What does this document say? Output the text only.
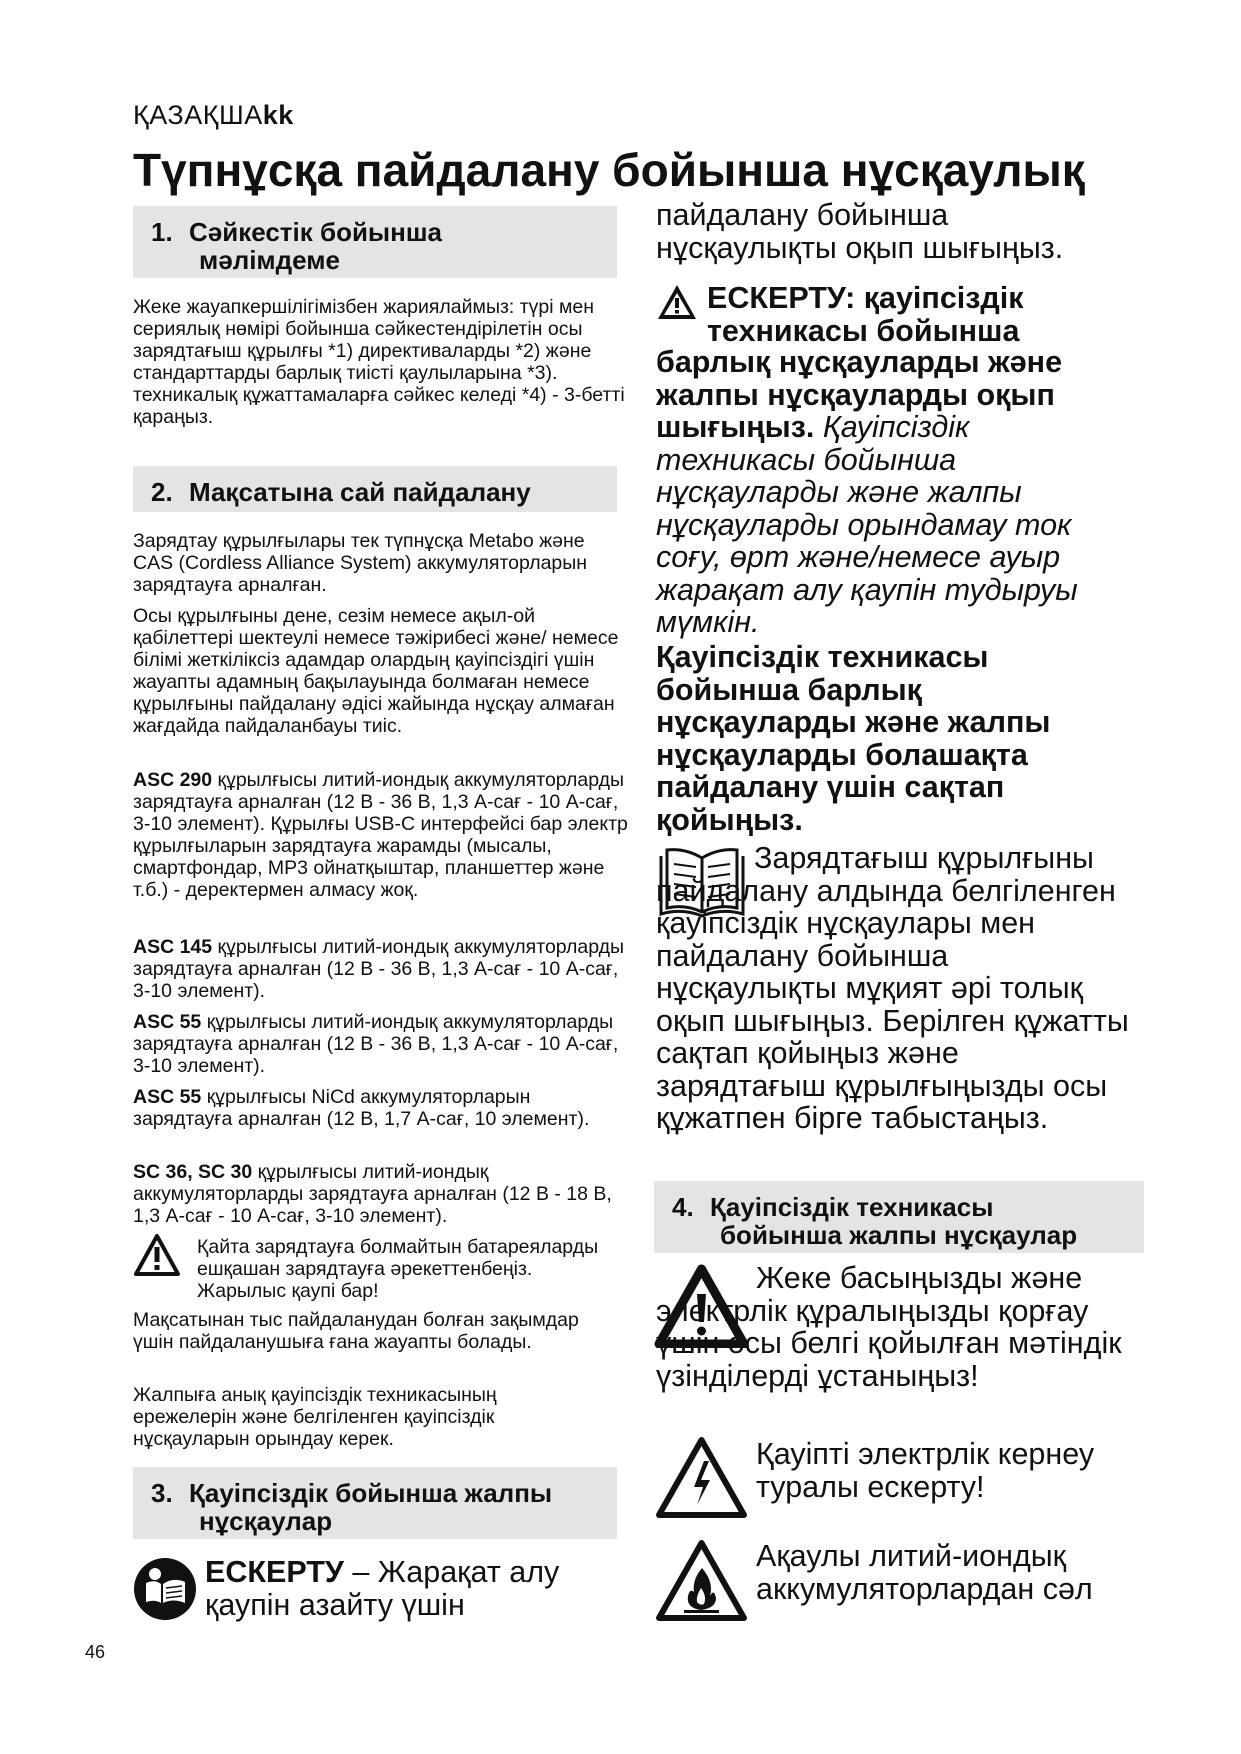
ҚАЗАҚШАkk
Түпнұсқа пайдалану бойынша нұсқаулық
1. Сәйкестік бойынша
мәлімдеме
Жеке жауапкершілігімізбен жариялаймыз: түрі мен сериялық нөмірі бойынша сәйкестендірілетін осы зарядтағыш құрылғы *1) директиваларды *2) және стандарттарды барлық тиісті қаулыларына *3). техникалық құжаттамаларға сәйкес келеді *4) - 3-бетті қараңыз.
2. Мақсатына сай пайдалану
Зарядтау құрылғылары тек түпнұсқа Metabo және CAS (Cordless Alliance System) аккумуляторларын зарядтауға арналған.
Осы құрылғыны дене, сезім немесе ақыл-ой қабілеттері шектеулі немесе тәжірибесі және/ немесе білімі жеткіліксіз адамдар олардың қауіпсіздігі үшін жауапты адамның бақылауында болмаған немесе құрылғыны пайдалану әдісі жайында нұсқау алмаған жағдайда пайдаланбауы тиіс.
ASC 290 құрылғысы литий-иондық аккумуляторларды зарядтауға арналған (12 В - 36 В, 1,3 А-сағ - 10 А-сағ, 3-10 элемент). Құрылғы USB-C интерфейсі бар электр құрылғыларын зарядтауға жарамды (мысалы, смартфондар, MP3 ойнатқыштар, планшеттер және т.б.) - деректермен алмасу жоқ.
ASC 145 құрылғысы литий-иондық аккумуляторларды зарядтауға арналған (12 В - 36 В, 1,3 А-сағ - 10 А-сағ, 3-10 элемент).
ASC 55 құрылғысы литий-иондық аккумуляторларды зарядтауға арналған (12 В - 36 В, 1,3 А-сағ - 10 А-сағ, 3-10 элемент).
ASC 55 құрылғысы NiCd аккумуляторларын зарядтауға арналған (12 В, 1,7 А-сағ, 10 элемент).
SC 36, SC 30 құрылғысы литий-иондық аккумуляторларды зарядтауға арналған (12 В - 18 В, 1,3 А-сағ - 10 А-сағ, 3-10 элемент).
Қайта зарядтауға болмайтын батареяларды ешқашан зарядтауға әрекеттенбеңіз. Жарылыс қаупі бар!
Мақсатынан тыс пайдаланудан болған зақымдар үшін пайдаланушыға ғана жауапты болады.
Жалпыға анық қауіпсіздік техникасының ережелерін және белгіленген қауіпсіздік нұсқауларын орындау керек.
3. Қауіпсіздік бойынша жалпы
нұсқаулар
ЕСКЕРТУ – Жарақат алу қаупін азайту үшін
пайдалану бойынша нұсқаулықты оқып шығыңыз.
ЕСКЕРТУ: қауіпсіздік техникасы бойынша
барлық нұсқауларды және жалпы нұсқауларды оқып шығыңыз. Қауіпсіздік техникасы бойынша нұсқауларды және жалпы нұсқауларды орындамау ток соғу, өрт және/немесе ауыр жарақат алу қаупін тудыруы мүмкін.
Қауіпсіздік техникасы бойынша барлық нұсқауларды және жалпы нұсқауларды болашақта пайдалану үшін сақтап қойыңыз.
Зарядтағыш құрылғыны пайдалану алдында белгіленген қауіпсіздік нұсқаулары мен пайдалану бойынша нұсқаулықты мұқият әрі толық оқып шығыңыз. Берілген құжатты сақтап қойыңыз және зарядтағыш құрылғыңызды осы құжатпен бірге табыстаңыз.
4. Қауіпсіздік техникасы
бойынша жалпы нұсқаулар
Жеке басыңызды және электрлік құралыңызды қорғау үшін осы белгі қойылған мәтіндік үзінділерді ұстаныңыз!
Қауіпті электрлік кернеу туралы ескерту!
Ақаулы литий-иондық аккумуляторлардан сәл
46
